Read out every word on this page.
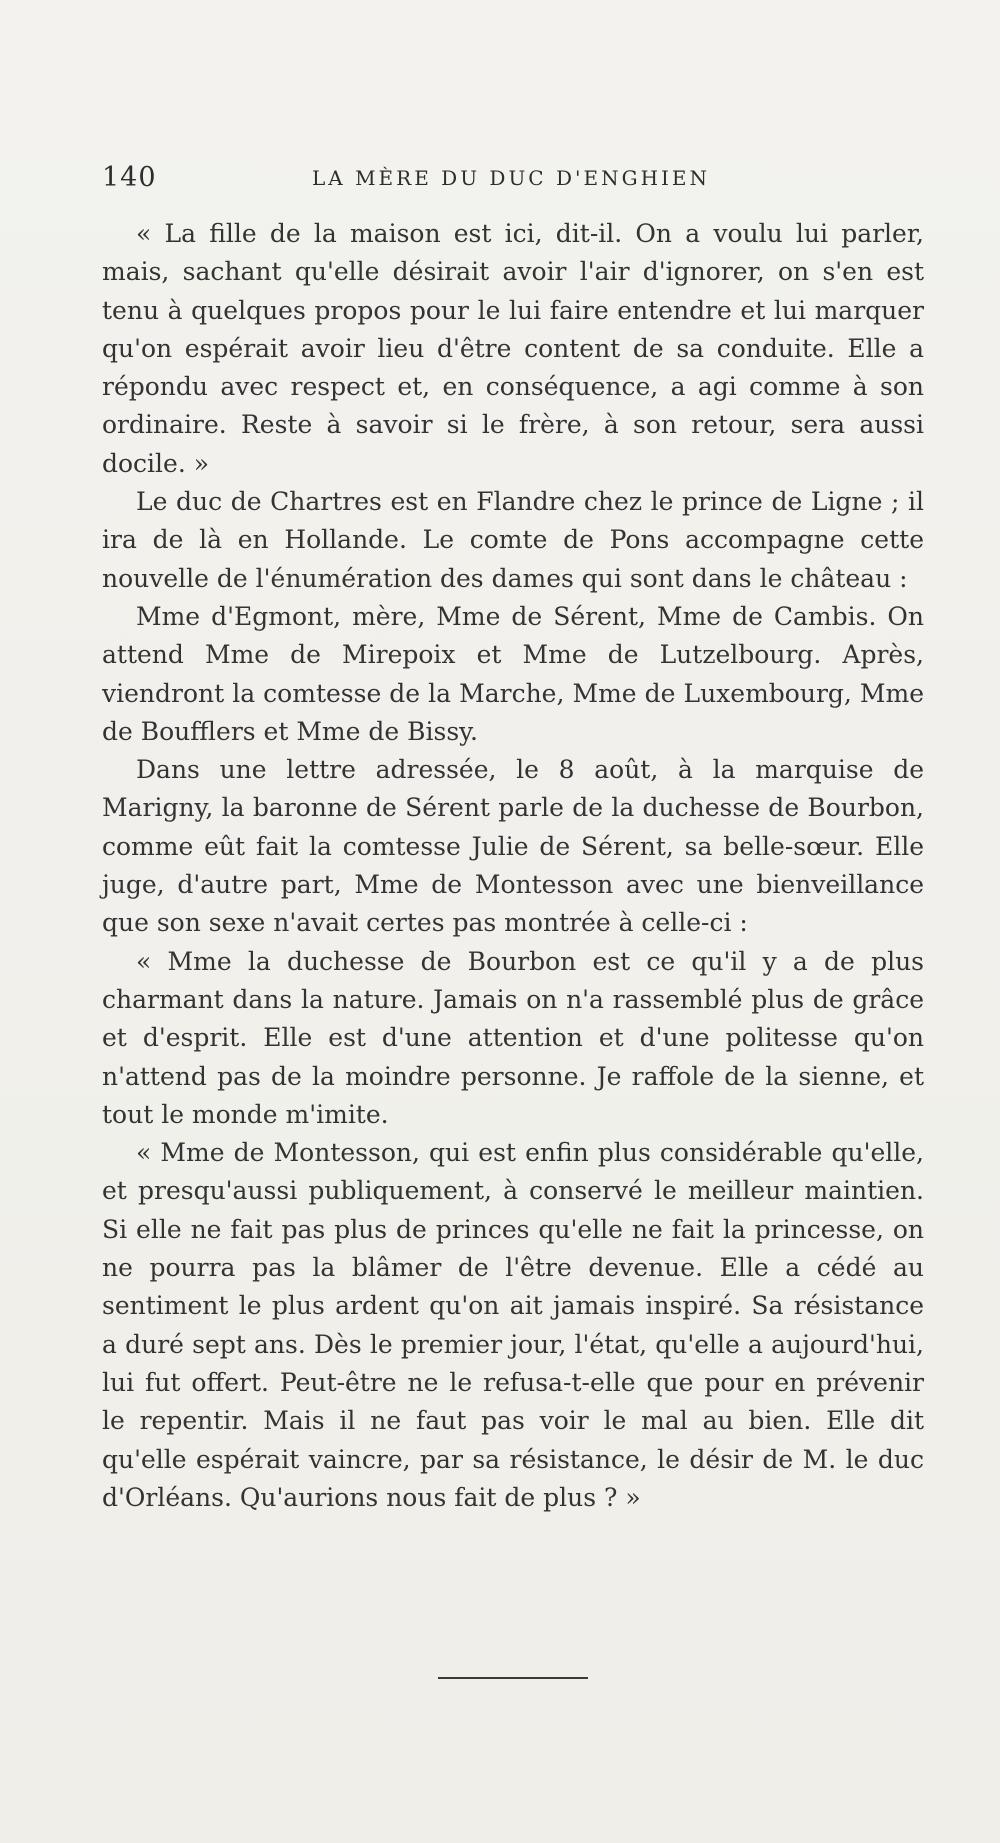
140	LA MÈRE DU DUC D'ENGHIEN

« La fille de la maison est ici, dit-il. On a voulu lui parler, mais, sachant qu'elle désirait avoir l'air d'ignorer, on s'en est tenu à quelques propos pour le lui faire entendre et lui marquer qu'on espérait avoir lieu d'être content de sa conduite. Elle a répondu avec respect et, en conséquence, a agi comme à son ordinaire. Reste à savoir si le frère, à son retour, sera aussi docile. »

Le duc de Chartres est en Flandre chez le prince de Ligne ; il ira de là en Hollande. Le comte de Pons accompagne cette nouvelle de l'énumération des dames qui sont dans le château :

Mme d'Egmont, mère, Mme de Sérent, Mme de Cambis. On attend Mme de Mirepoix et Mme de Lutzelbourg. Après, viendront la comtesse de la Marche, Mme de Luxembourg, Mme de Boufflers et Mme de Bissy.

Dans une lettre adressée, le 8 août, à la marquise de Marigny, la baronne de Sérent parle de la duchesse de Bourbon, comme eût fait la comtesse Julie de Sérent, sa belle-sœur. Elle juge, d'autre part, Mme de Montesson avec une bienveillance que son sexe n'avait certes pas montrée à celle-ci :

« Mme la duchesse de Bourbon est ce qu'il y a de plus charmant dans la nature. Jamais on n'a rassemblé plus de grâce et d'esprit. Elle est d'une attention et d'une politesse qu'on n'attend pas de la moindre personne. Je raffole de la sienne, et tout le monde m'imite.

« Mme de Montesson, qui est enfin plus considérable qu'elle, et presqu'aussi publiquement, à conservé le meilleur maintien. Si elle ne fait pas plus de princes qu'elle ne fait la princesse, on ne pourra pas la blâmer de l'être devenue. Elle a cédé au sentiment le plus ardent qu'on ait jamais inspiré. Sa résistance a duré sept ans. Dès le premier jour, l'état, qu'elle a aujourd'hui, lui fut offert. Peut-être ne le refusa-t-elle que pour en prévenir le repentir. Mais il ne faut pas voir le mal au bien. Elle dit qu'elle espérait vaincre, par sa résistance, le désir de M. le duc d'Orléans. Qu'aurions nous fait de plus ? »
